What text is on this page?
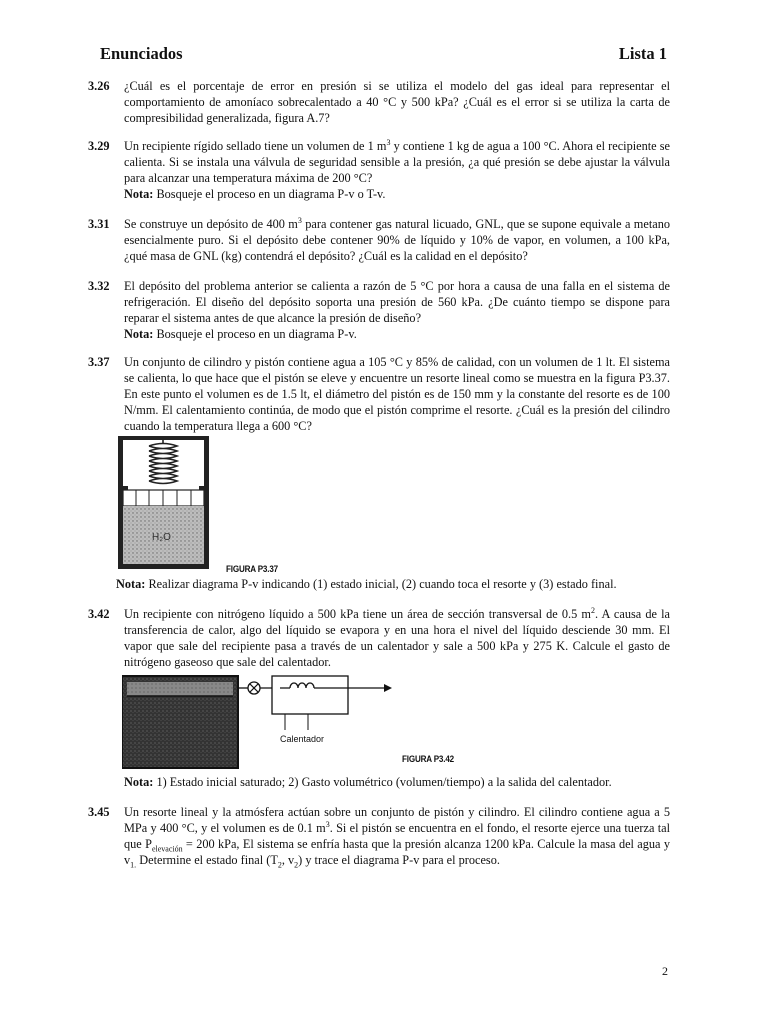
Enunciados	Lista 1
3.26 ¿Cuál es el porcentaje de error en presión si se utiliza el modelo del gas ideal para representar el comportamiento de amoníaco sobrecalentado a 40 °C y 500 kPa? ¿Cuál es el error si se utiliza la carta de compresibilidad generalizada, figura A.7?

3.29 Un recipiente rígido sellado tiene un volumen de 1 $m^3$ y contiene 1 kg de agua a 100 °C. Ahora el recipiente se calienta. Si se instala una válvula de seguridad sensible a la presión, ¿a qué presión se debe ajustar la válvula para alcanzar una temperatura máxima de 200 °C?

Nota: Bosqueje el proceso en un diagrama P-v o T-v.

3.31 Se construye un depósito de 400 $m^3$ para contener gas natural licuado, GNL, que se supone equivale a metano esencialmente puro. Si el depósito debe contener 90% de líquido y 10% de vapor, en volumen, a 100 kPa, ¿qué masa de GNL (kg) contendrá el depósito? ¿Cuál es la calidad en el depósito?

3.32 El depósito del problema anterior se calienta a razón de 5 °C por hora a causa de una falla en el sistema de refrigeración. El diseño del depósito soporta una presión de 560 kPa. ¿De cuánto tiempo se dispone para reparar el sistema antes de que alcance la presión de diseño?

Nota: Bosqueje el proceso en un diagrama P-v.

3.37 Un conjunto de cilindro y pistón contiene agua a 105 °C y 85% de calidad, con un volumen de 1 lt. El sistema se calienta, lo que hace que el pistón se eleve y encuentre un resorte lineal como se muestra en la figura P3.37. En este punto el volumen es de 1.5 lt, el diámetro del pistón es de 150 mm y la constante del resorte es de 100 N/mm. El calentamiento continúa, de modo que el pistón comprime el resorte. ¿Cuál es la presión del cilindro cuando la temperatura llega a 600 °C?

H₂O
FIGURA P3.37
Nota: Realizar diagrama P-v indicando (1) estado inicial, (2) cuando toca el resorte y (3) estado final.
3.42 Un recipiente con nitrógeno líquido a 500 kPa tiene un área de sección transversal de 0.5 $m^2$. A causa de la transferencia de calor, algo del líquido se evapora y en una hora el nivel del líquido desciende 30 mm. El vapor que sale del recipiente pasa a través de un calentador y sale a 500 kPa y 275 K. Calcule el gasto de nitrógeno gaseoso que sale del calentador.

Calentador
FIGURA P3.42
Nota: 1) Estado inicial saturado; 2) Gasto volumétrico (volumen/tiempo) a la salida del calentador.
3.45 Un resorte lineal y la atmósfera actúan sobre un conjunto de pistón y cilindro. El cilindro contiene agua a 5 MPa y 400 °C, y el volumen es de 0.1 $m^3$. Si el pistón se encuentra en el fondo, el resorte ejerce una tuerza tal que $P_{elevación} = 200$ kPa, El sistema se enfría hasta que la presión alcanza 1200 kPa. Calcule la masa del agua y $v_{1.}$ Determine el estado final ($T_2$, $v_2$) y trace el diagrama P-v para el proceso.

2
